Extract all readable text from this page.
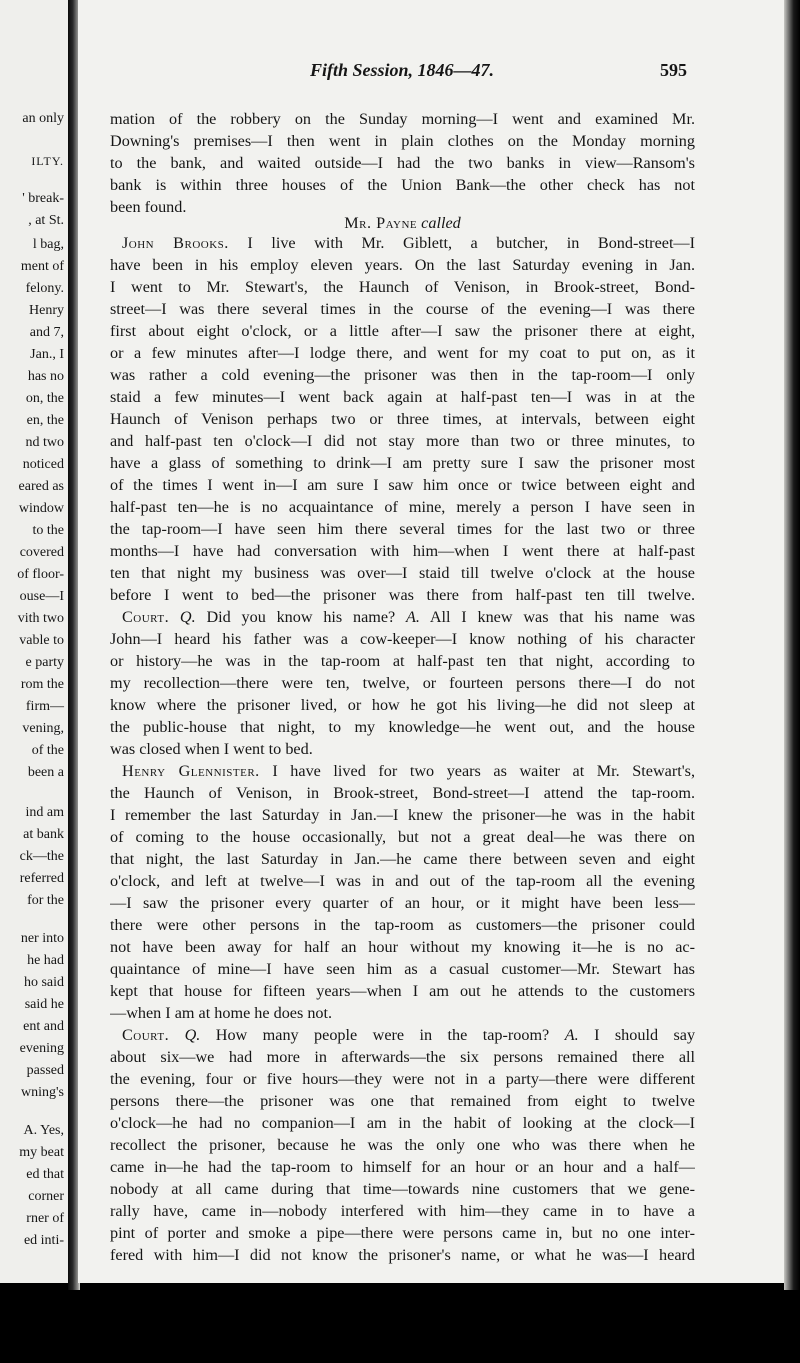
an only
ILTY.
' break-
, at St.
l bag,
ment of
felony.
Henry
and 7,
Jan., I
has no
on, the
en, the
nd two
noticed
eared as
window
to the
covered
of floor-
ouse—I
vith two
vable to
e party
rom the
firm—
vening,
of the
been a
ind am
at bank
ck—the
referred
for the
ner into
he had
ho said
said he
ent and
evening
passed
wning's
A. Yes,
my beat
ed that
corner
rner of
ed inti-
Fifth Session, 1846—47.	595
mation of the robbery on the Sunday morning—I went and examined Mr.
Downing's premises—I then went in plain clothes on the Monday morning
to the bank, and waited outside—I had the two banks in view—Ransom's
bank is within three houses of the Union Bank—the other check has not
been found.
Mr. Payne called
John Brooks. I live with Mr. Giblett, a butcher, in Bond-street—I
have been in his employ eleven years. On the last Saturday evening in Jan.
I went to Mr. Stewart's, the Haunch of Venison, in Brook-street, Bond-
street—I was there several times in the course of the evening—I was there
first about eight o'clock, or a little after—I saw the prisoner there at eight,
or a few minutes after—I lodge there, and went for my coat to put on, as it
was rather a cold evening—the prisoner was then in the tap-room—I only
staid a few minutes—I went back again at half-past ten—I was in at the
Haunch of Venison perhaps two or three times, at intervals, between eight
and half-past ten o'clock—I did not stay more than two or three minutes, to
have a glass of something to drink—I am pretty sure I saw the prisoner most
of the times I went in—I am sure I saw him once or twice between eight and
half-past ten—he is no acquaintance of mine, merely a person I have seen in
the tap-room—I have seen him there several times for the last two or three
months—I have had conversation with him—when I went there at half-past
ten that night my business was over—I staid till twelve o'clock at the house
before I went to bed—the prisoner was there from half-past ten till twelve.
Court. Q. Did you know his name? A. All I knew was that his name was
John—I heard his father was a cow-keeper—I know nothing of his character
or history—he was in the tap-room at half-past ten that night, according to
my recollection—there were ten, twelve, or fourteen persons there—I do not
know where the prisoner lived, or how he got his living—he did not sleep at
the public-house that night, to my knowledge—he went out, and the house
was closed when I went to bed.
Henry Glennister. I have lived for two years as waiter at Mr. Stewart's,
the Haunch of Venison, in Brook-street, Bond-street—I attend the tap-room.
I remember the last Saturday in Jan.—I knew the prisoner—he was in the habit
of coming to the house occasionally, but not a great deal—he was there on
that night, the last Saturday in Jan.—he came there between seven and eight
o'clock, and left at twelve—I was in and out of the tap-room all the evening
—I saw the prisoner every quarter of an hour, or it might have been less—
there were other persons in the tap-room as customers—the prisoner could
not have been away for half an hour without my knowing it—he is no ac-
quaintance of mine—I have seen him as a casual customer—Mr. Stewart has
kept that house for fifteen years—when I am out he attends to the customers
—when I am at home he does not.
Court. Q. How many people were in the tap-room? A. I should say
about six—we had more in afterwards—the six persons remained there all
the evening, four or five hours—they were not in a party—there were different
persons there—the prisoner was one that remained from eight to twelve
o'clock—he had no companion—I am in the habit of looking at the clock—I
recollect the prisoner, because he was the only one who was there when he
came in—he had the tap-room to himself for an hour or an hour and a half—
nobody at all came during that time—towards nine customers that we gene-
rally have, came in—nobody interfered with him—they came in to have a
pint of porter and smoke a pipe—there were persons came in, but no one inter-
fered with him—I did not know the prisoner's name, or what he was—I heard
